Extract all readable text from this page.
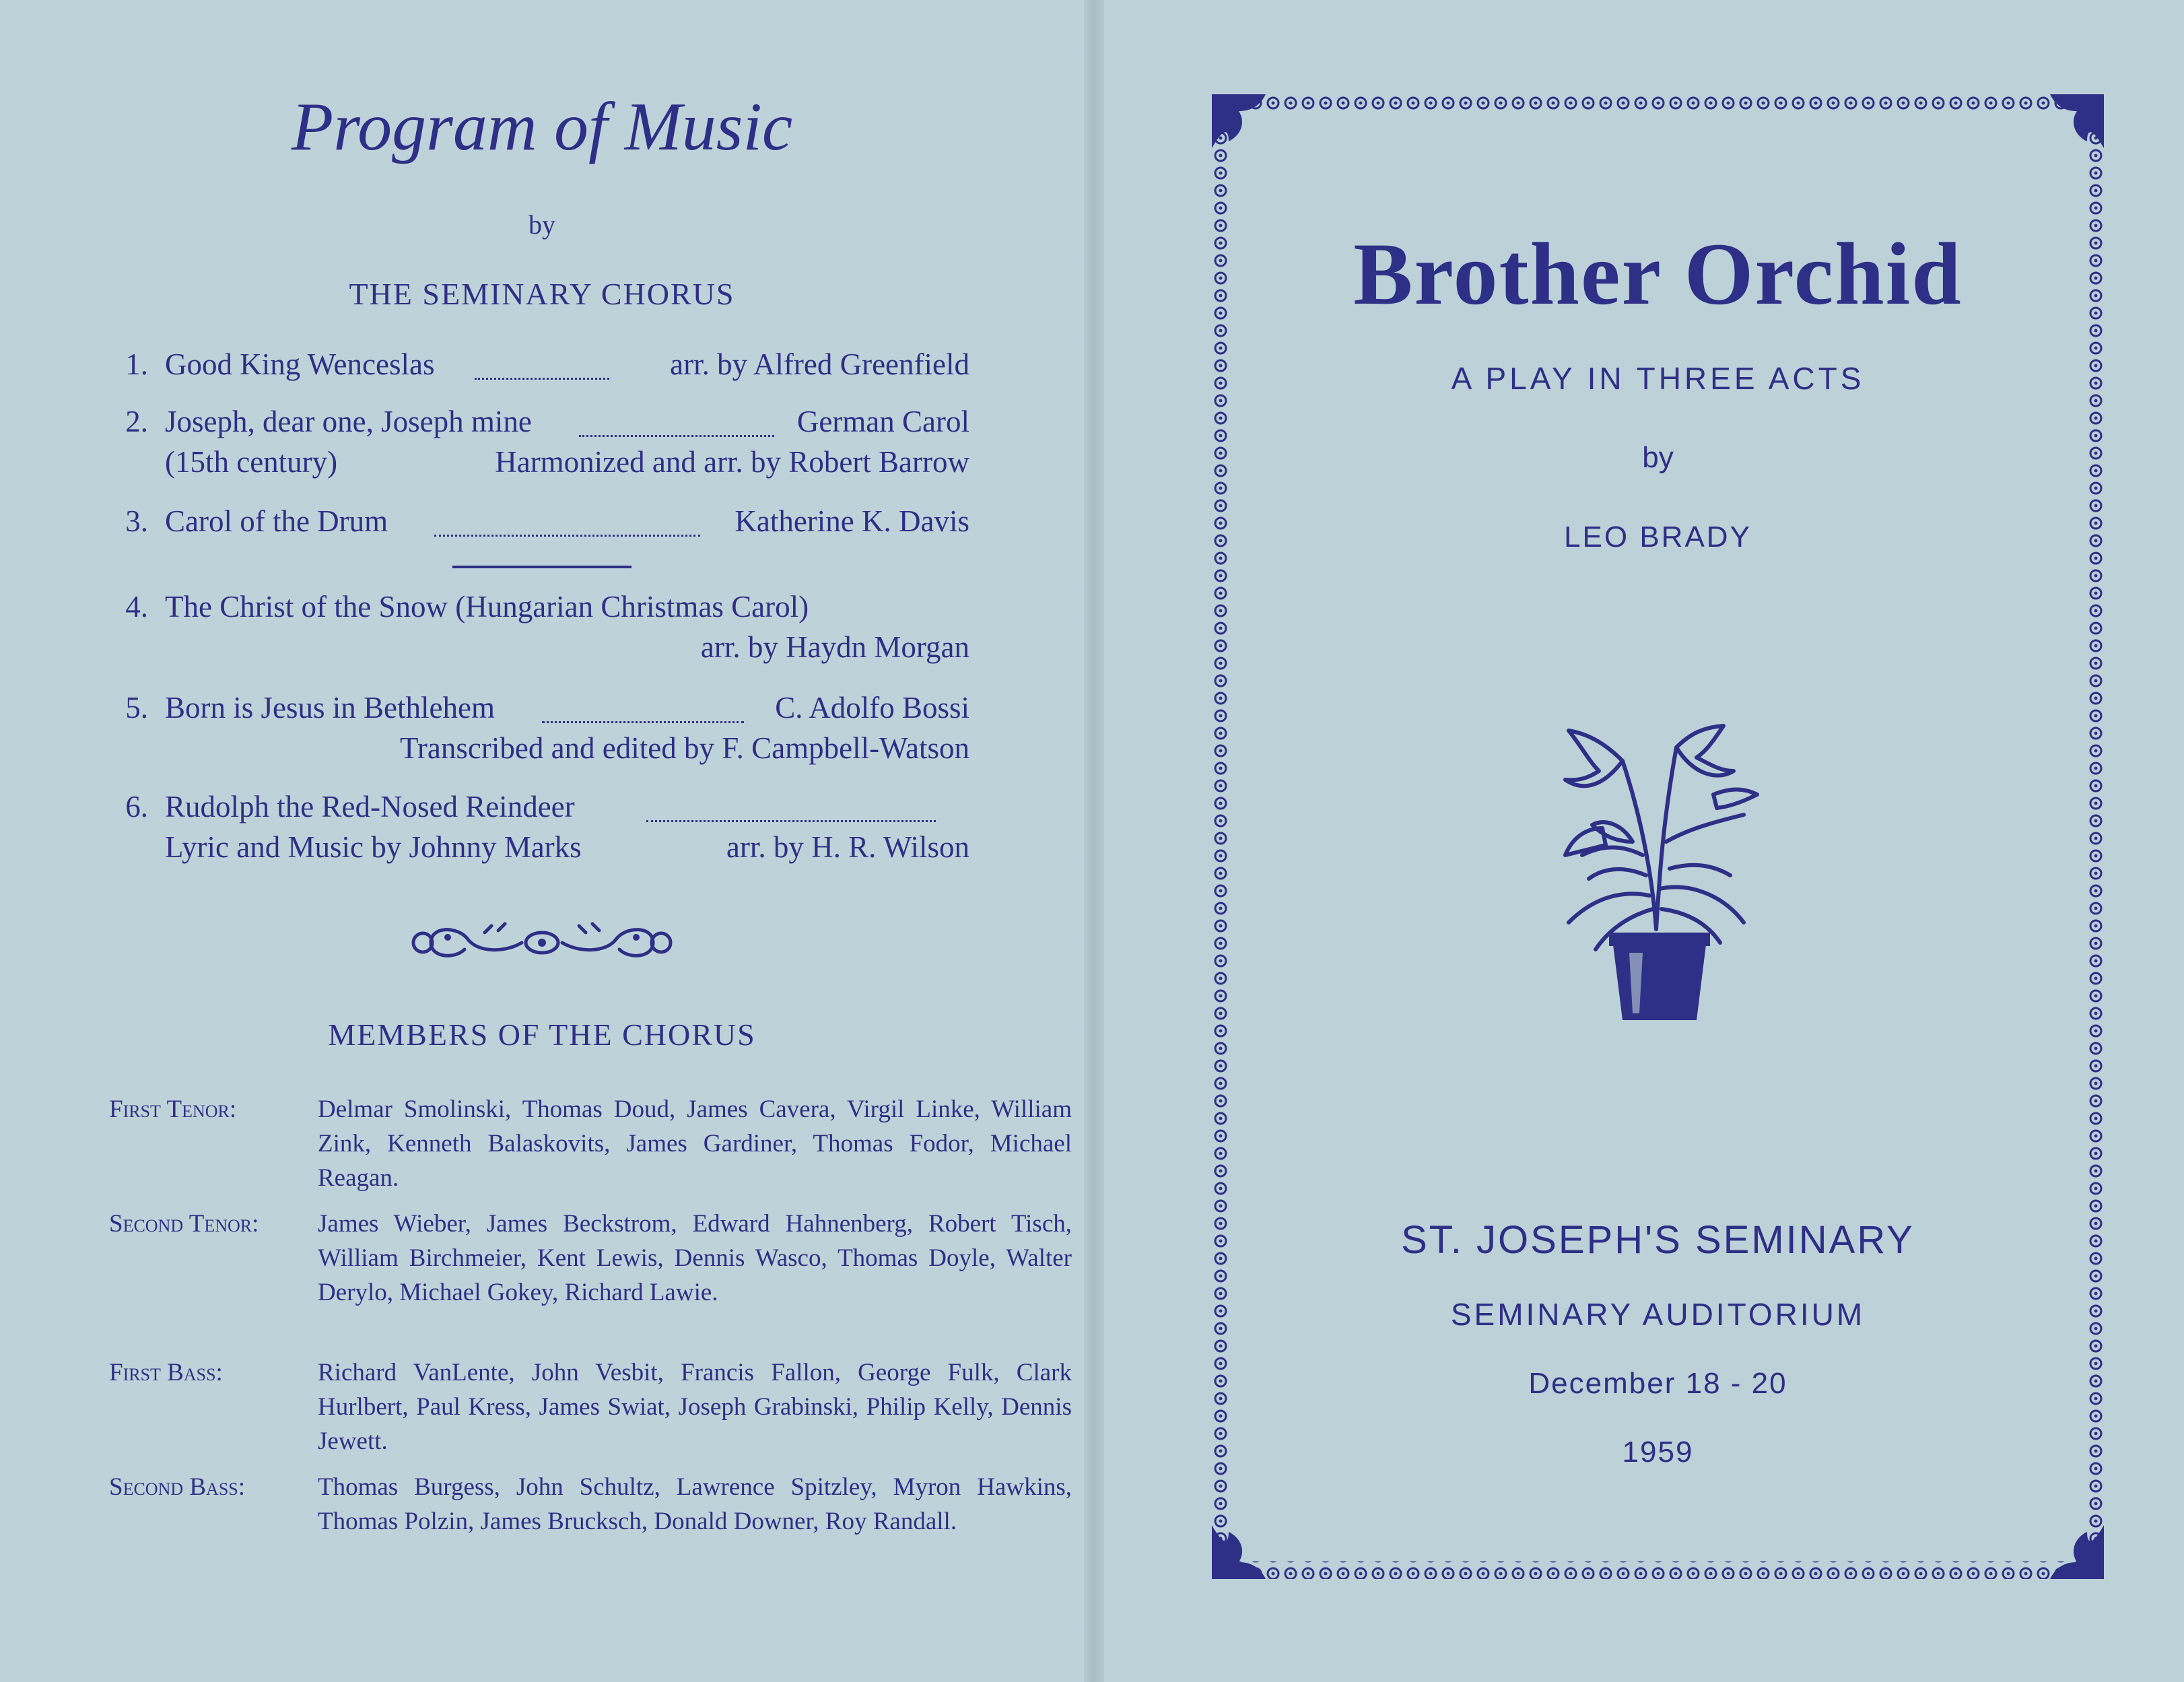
Program of Music
by
THE SEMINARY CHORUS
1. Good King Wenceslas	arr. by Alfred Greenfield
2. Joseph, dear one, Joseph mine	German Carol
(15th century)	Harmonized and arr. by Robert Barrow
3. Carol of the Drum	Katherine K. Davis
4. The Christ of the Snow (Hungarian Christmas Carol)
arr. by Haydn Morgan
5. Born is Jesus in Bethlehem	C. Adolfo Bossi
Transcribed and edited by F. Campbell-Watson
6. Rudolph the Red-Nosed Reindeer
Lyric and Music by Johnny Marks	arr. by H. R. Wilson
MEMBERS OF THE CHORUS
First Tenor:	Delmar Smolinski, Thomas Doud, James Cavera, Virgil Linke, William Zink, Kenneth Balaskovits, James Gardiner, Thomas Fodor, Michael Reagan.
Second Tenor: James Wieber, James Beckstrom, Edward Hahnenberg, Robert Tisch, William Birchmeier, Kent Lewis, Dennis Wasco, Thomas Doyle, Walter Derylo, Michael Gokey, Richard Lawie.
First Bass:	Richard VanLente, John Vesbit, Francis Fallon, George Fulk, Clark Hurlbert, Paul Kress, James Swiat, Joseph Grabinski, Philip Kelly, Dennis Jewett.
Second Bass:	Thomas Burgess, John Schultz, Lawrence Spitzley, Myron Hawkins, Thomas Polzin, James Brucksch, Donald Downer, Roy Randall.
Brother Orchid
A PLAY IN THREE ACTS
by
LEO BRADY
ST. JOSEPH'S SEMINARY
SEMINARY AUDITORIUM
December 18 - 20
1959
